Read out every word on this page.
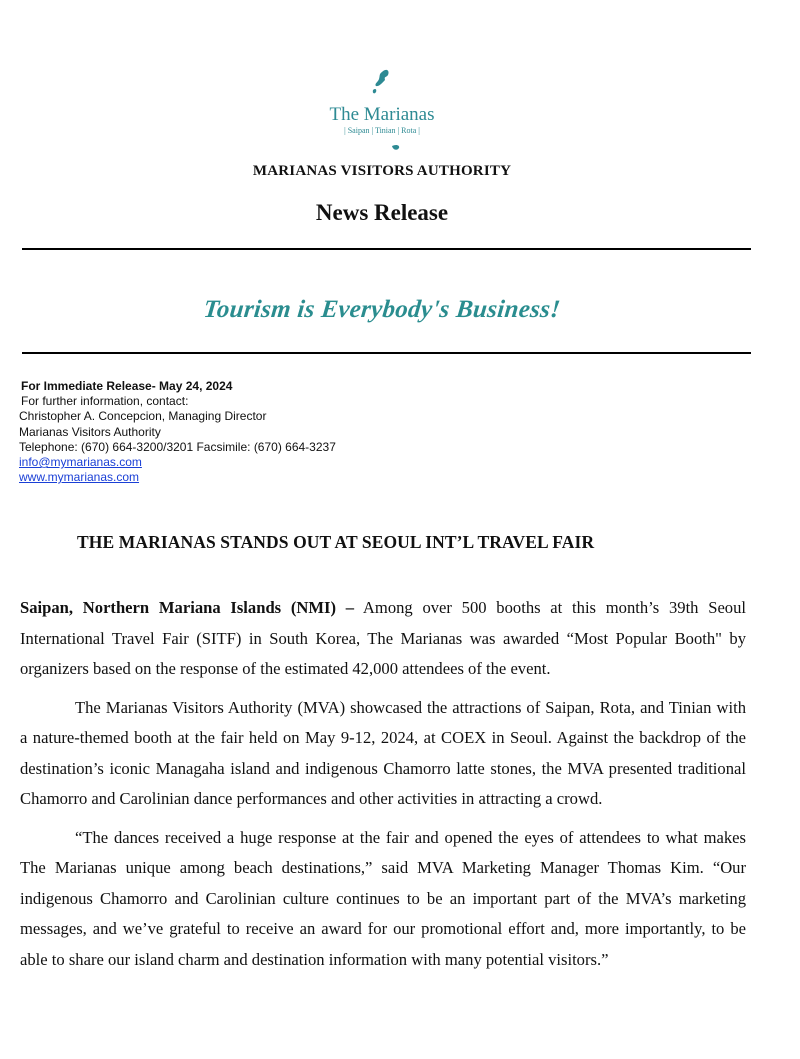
The Marianas
| Saipan | Tinian | Rota |
MARIANAS VISITORS AUTHORITY
News Release
Tourism is Everybody's Business!
For Immediate Release- May 24, 2024
For further information, contact:
Christopher A. Concepcion, Managing Director
Marianas Visitors Authority
Telephone: (670) 664-3200/3201 Facsimile: (670) 664-3237
info@mymarianas.com
www.mymarianas.com
THE MARIANAS STANDS OUT AT SEOUL INT’L TRAVEL FAIR

Saipan, Northern Mariana Islands (NMI) – Among over 500 booths at this month’s 39th Seoul International Travel Fair (SITF) in South Korea, The Marianas was awarded “Most Popular Booth" by organizers based on the response of the estimated 42,000 attendees of the event.

The Marianas Visitors Authority (MVA) showcased the attractions of Saipan, Rota, and Tinian with a nature-themed booth at the fair held on May 9-12, 2024, at COEX in Seoul. Against the backdrop of the destination’s iconic Managaha island and indigenous Chamorro latte stones, the MVA presented traditional Chamorro and Carolinian dance performances and other activities in attracting a crowd.

“The dances received a huge response at the fair and opened the eyes of attendees to what makes The Marianas unique among beach destinations,” said MVA Marketing Manager Thomas Kim. “Our indigenous Chamorro and Carolinian culture continues to be an important part of the MVA’s marketing messages, and we’ve grateful to receive an award for our promotional effort and, more importantly, to be able to share our island charm and destination information with many potential visitors.”
